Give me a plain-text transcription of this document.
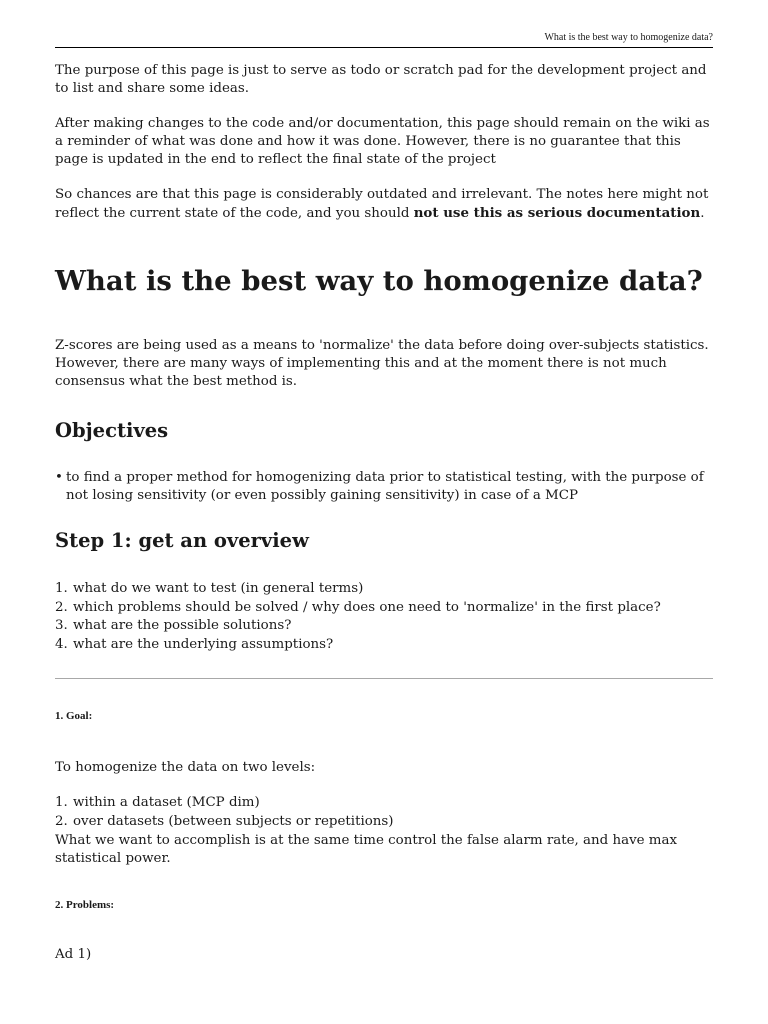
What is the best way to homogenize data?

The purpose of this page is just to serve as todo or scratch pad for the development project and to list and share some ideas.

After making changes to the code and/or documentation, this page should remain on the wiki as a reminder of what was done and how it was done. However, there is no guarantee that this page is updated in the end to reflect the final state of the project

So chances are that this page is considerably outdated and irrelevant. The notes here might not reflect the current state of the code, and you should not use this as serious documentation.

What is the best way to homogenize data?

Z-scores are being used as a means to 'normalize' the data before doing over-subjects statistics. However, there are many ways of implementing this and at the moment there is not much consensus what the best method is.

Objectives
• to find a proper method for homogenizing data prior to statistical testing, with the purpose of not losing sensitivity (or even possibly gaining sensitivity) in case of a MCP
Step 1: get an overview
1. what do we want to test (in general terms)
2. which problems should be solved / why does one need to 'normalize' in the first place?
3. what are the possible solutions?
4. what are the underlying assumptions?
1. Goal:

To homogenize the data on two levels:

1. within a dataset (MCP dim)
2. over datasets (between subjects or repetitions)

What we want to accomplish is at the same time control the false alarm rate, and have max statistical power.

2. Problems:

Ad 1)
